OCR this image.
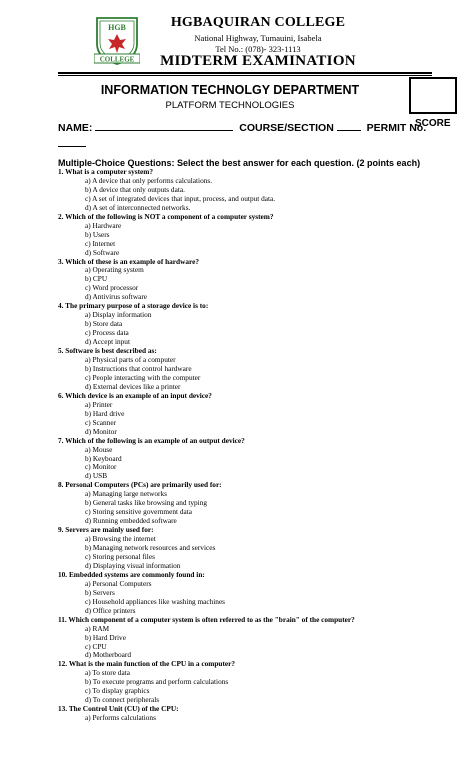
HGB
COLLEGE
HGBAQUIRAN COLLEGE
National Highway, Tumauini, Isabela
Tel No.: (078)- 323-1113
MIDTERM EXAMINATION
INFORMATION TECHNOLGY DEPARTMENT
PLATFORM TECHNOLOGIES
SCORE
NAME:	COURSE/SECTION	PERMIT No.
Multiple-Choice Questions: Select the best answer for each question. (2 points each)
1. What is a computer system?
a) A device that only performs calculations.
b) A device that only outputs data.
c) A set of integrated devices that input, process, and output data.
d) A set of interconnected networks.
2. Which of the following is NOT a component of a computer system?
a) Hardware
b) Users
c) Internet
d) Software
3. Which of these is an example of hardware?
a) Operating system
b) CPU
c) Word processor
d) Antivirus software
4. The primary purpose of a storage device is to:
a) Display information
b) Store data
c) Process data
d) Accept input
5. Software is best described as:
a) Physical parts of a computer
b) Instructions that control hardware
c) People interacting with the computer
d) External devices like a printer
6. Which device is an example of an input device?
a) Printer
b) Hard drive
c) Scanner
d) Monitor
7. Which of the following is an example of an output device?
a) Mouse
b) Keyboard
c) Monitor
d) USB
8. Personal Computers (PCs) are primarily used for:
a) Managing large networks
b) General tasks like browsing and typing
c) Storing sensitive government data
d) Running embedded software
9. Servers are mainly used for:
a) Browsing the internet
b) Managing network resources and services
c) Storing personal files
d) Displaying visual information
10. Embedded systems are commonly found in:
a) Personal Computers
b) Servers
c) Household appliances like washing machines
d) Office printers
11. Which component of a computer system is often referred to as the "brain" of the computer?
a) RAM
b) Hard Drive
c) CPU
d) Motherboard
12. What is the main function of the CPU in a computer?
a) To store data
b) To execute programs and perform calculations
c) To display graphics
d) To connect peripherals
13. The Control Unit (CU) of the CPU:
a) Performs calculations
